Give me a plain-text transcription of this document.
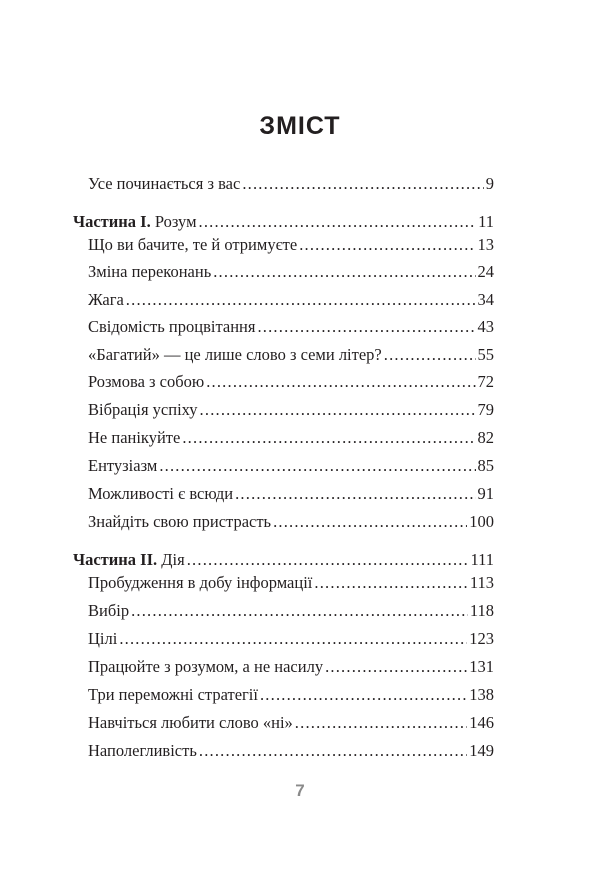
ЗМІСТ
Усе починається з вас .....	9
Частина I. Розум .....	11
Що ви бачите, те й отримуєте .....	13
Зміна переконань .....	24
Жага .....	34
Свідомість процвітання .....	43
«Багатий» — це лише слово з семи літер? .....	55
Розмова з собою .....	72
Вібрація успіху .....	79
Не панікуйте .....	82
Ентузіазм .....	85
Можливості є всюди .....	91
Знайдіть свою пристрасть .....	100
Частина II. Дія .....	111
Пробудження в добу інформації .....	113
Вибір .....	118
Цілі .....	123
Працюйте з розумом, а не насилу .....	131
Три переможні стратегії .....	138
Навчіться любити слово «ні» .....	146
Наполегливість .....	149
7
